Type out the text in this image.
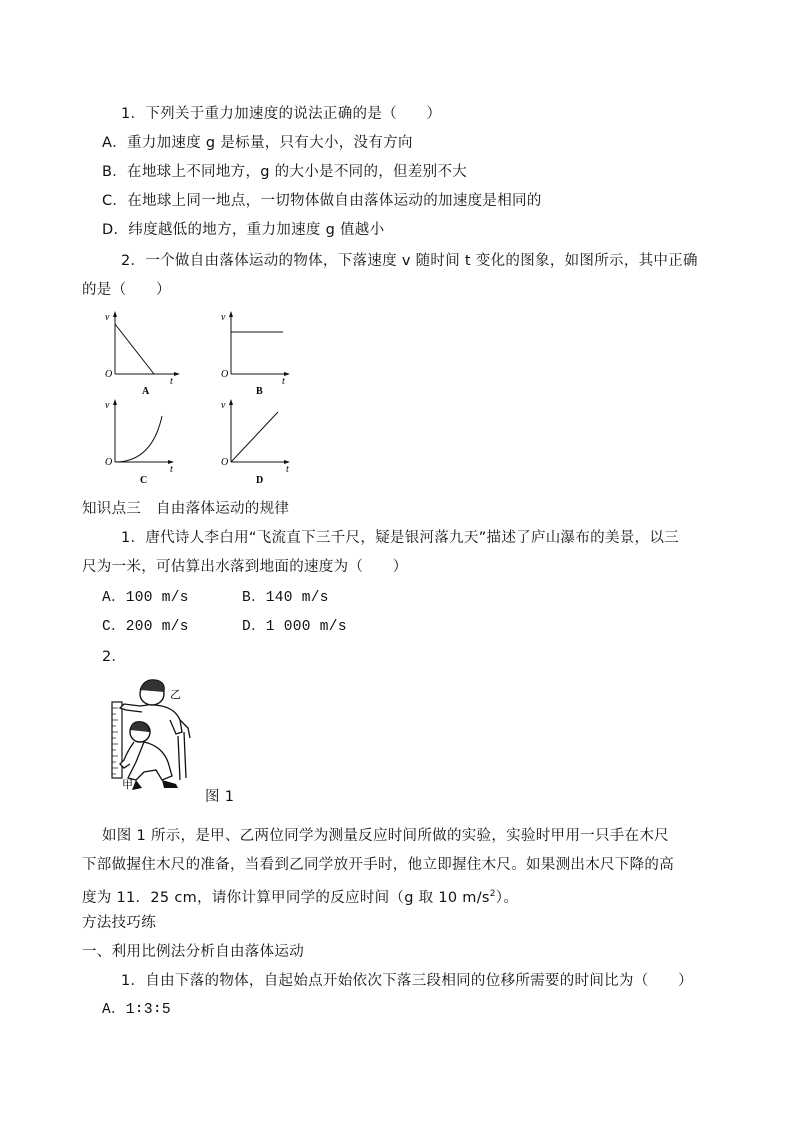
1．下列关于重力加速度的说法正确的是（　　）
A．重力加速度 g 是标量，只有大小，没有方向
B．在地球上不同地方，g 的大小是不同的，但差别不大
C．在地球上同一地点，一切物体做自由落体运动的加速度是相同的
D．纬度越低的地方，重力加速度 g 值越小
2．一个做自由落体运动的物体，下落速度 v 随时间 t 变化的图象，如图所示，其中正确
的是（　　）
v
O
t
A
v
O
t
B
v
O
t
C
v
O
t
D
知识点三　自由落体运动的规律
1．唐代诗人李白用“飞流直下三千尺，疑是银河落九天”描述了庐山瀑布的美景，以三
尺为一米，可估算出水落到地面的速度为（　　）
A．100 m/s	B．140 m/s
C．200 m/s	D．1 000 m/s
2．
乙
甲
图 1
如图 1 所示，是甲、乙两位同学为测量反应时间所做的实验，实验时甲用一只手在木尺
下部做握住木尺的准备，当看到乙同学放开手时，他立即握住木尺。如果测出木尺下降的高
度为 11．25 cm，请你计算甲同学的反应时间（g 取 10 $m/s^2$）。
方法技巧练
一、利用比例法分析自由落体运动
1．自由下落的物体，自起始点开始依次下落三段相同的位移所需要的时间比为（　　）
A．1∶3∶5
